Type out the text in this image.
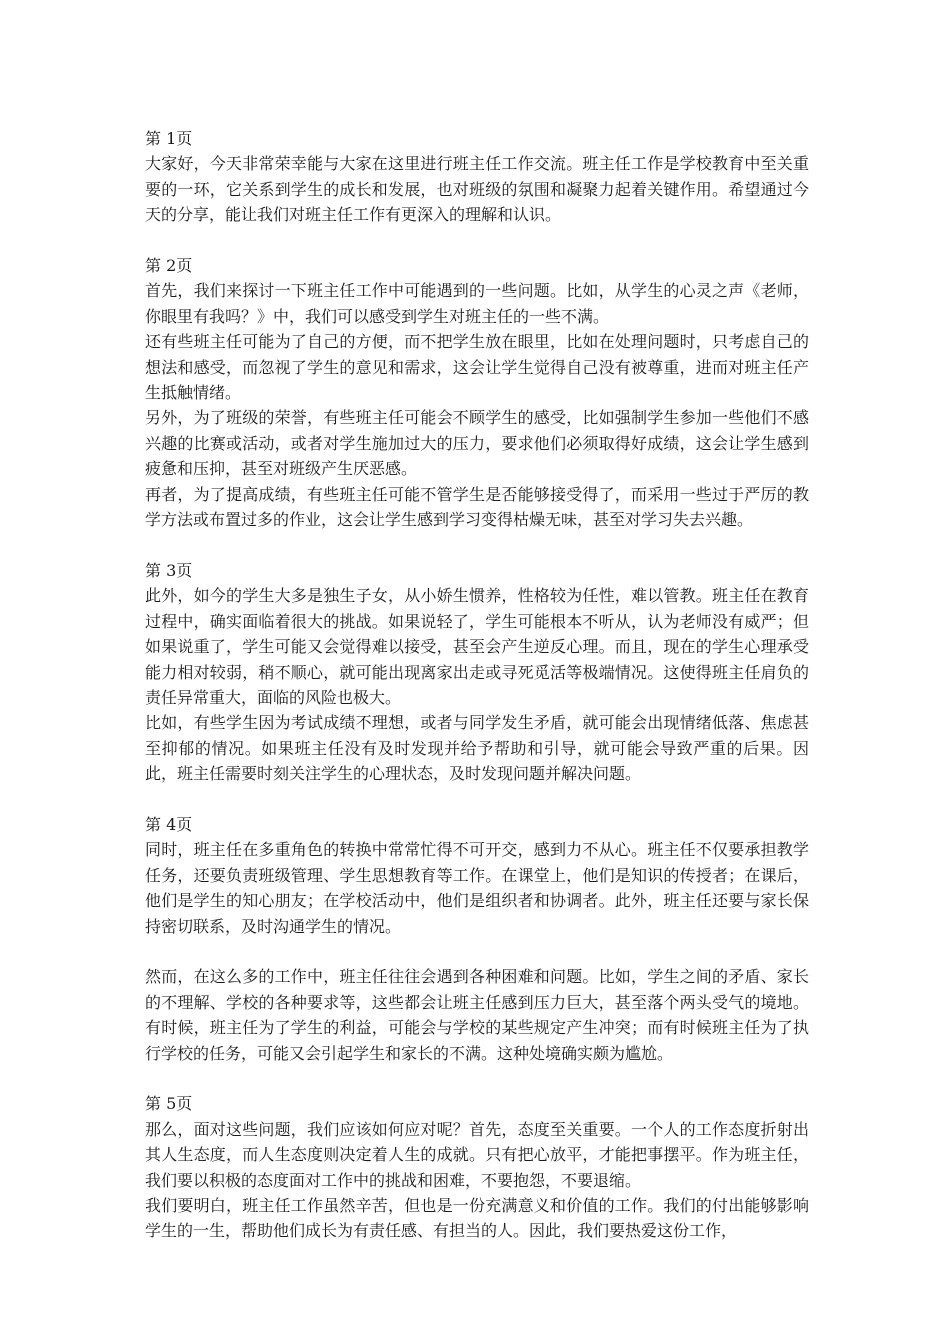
第 1页

大家好，今天非常荣幸能与大家在这里进行班主任工作交流。班主任工作是学校教育中至关重要的一环，它关系到学生的成长和发展，也对班级的氛围和凝聚力起着关键作用。希望通过今天的分享，能让我们对班主任工作有更深入的理解和认识。

第 2页

首先，我们来探讨一下班主任工作中可能遇到的一些问题。比如，从学生的心灵之声《老师，你眼里有我吗？》中，我们可以感受到学生对班主任的一些不满。

还有些班主任可能为了自己的方便，而不把学生放在眼里，比如在处理问题时，只考虑自己的想法和感受，而忽视了学生的意见和需求，这会让学生觉得自己没有被尊重，进而对班主任产生抵触情绪。

另外，为了班级的荣誉，有些班主任可能会不顾学生的感受，比如强制学生参加一些他们不感兴趣的比赛或活动，或者对学生施加过大的压力，要求他们必须取得好成绩，这会让学生感到疲惫和压抑，甚至对班级产生厌恶感。

再者，为了提高成绩，有些班主任可能不管学生是否能够接受得了，而采用一些过于严厉的教学方法或布置过多的作业，这会让学生感到学习变得枯燥无味，甚至对学习失去兴趣。

第 3页

此外，如今的学生大多是独生子女，从小娇生惯养，性格较为任性，难以管教。班主任在教育过程中，确实面临着很大的挑战。如果说轻了，学生可能根本不听从，认为老师没有威严；但如果说重了，学生可能又会觉得难以接受，甚至会产生逆反心理。而且，现在的学生心理承受能力相对较弱，稍不顺心，就可能出现离家出走或寻死觅活等极端情况。这使得班主任肩负的责任异常重大，面临的风险也极大。

比如，有些学生因为考试成绩不理想，或者与同学发生矛盾，就可能会出现情绪低落、焦虑甚至抑郁的情况。如果班主任没有及时发现并给予帮助和引导，就可能会导致严重的后果。因此，班主任需要时刻关注学生的心理状态，及时发现问题并解决问题。

第 4页

同时，班主任在多重角色的转换中常常忙得不可开交，感到力不从心。班主任不仅要承担教学任务，还要负责班级管理、学生思想教育等工作。在课堂上，他们是知识的传授者；在课后，他们是学生的知心朋友；在学校活动中，他们是组织者和协调者。此外，班主任还要与家长保持密切联系，及时沟通学生的情况。

然而，在这么多的工作中，班主任往往会遇到各种困难和问题。比如，学生之间的矛盾、家长的不理解、学校的各种要求等，这些都会让班主任感到压力巨大，甚至落个两头受气的境地。有时候，班主任为了学生的利益，可能会与学校的某些规定产生冲突；而有时候班主任为了执行学校的任务，可能又会引起学生和家长的不满。这种处境确实颇为尴尬。

第 5页

那么，面对这些问题，我们应该如何应对呢？首先，态度至关重要。一个人的工作态度折射出其人生态度，而人生态度则决定着人生的成就。只有把心放平，才能把事摆平。作为班主任，我们要以积极的态度面对工作中的挑战和困难，不要抱怨，不要退缩。

我们要明白，班主任工作虽然辛苦，但也是一份充满意义和价值的工作。我们的付出能够影响学生的一生，帮助他们成长为有责任感、有担当的人。因此，我们要热爱这份工作，
